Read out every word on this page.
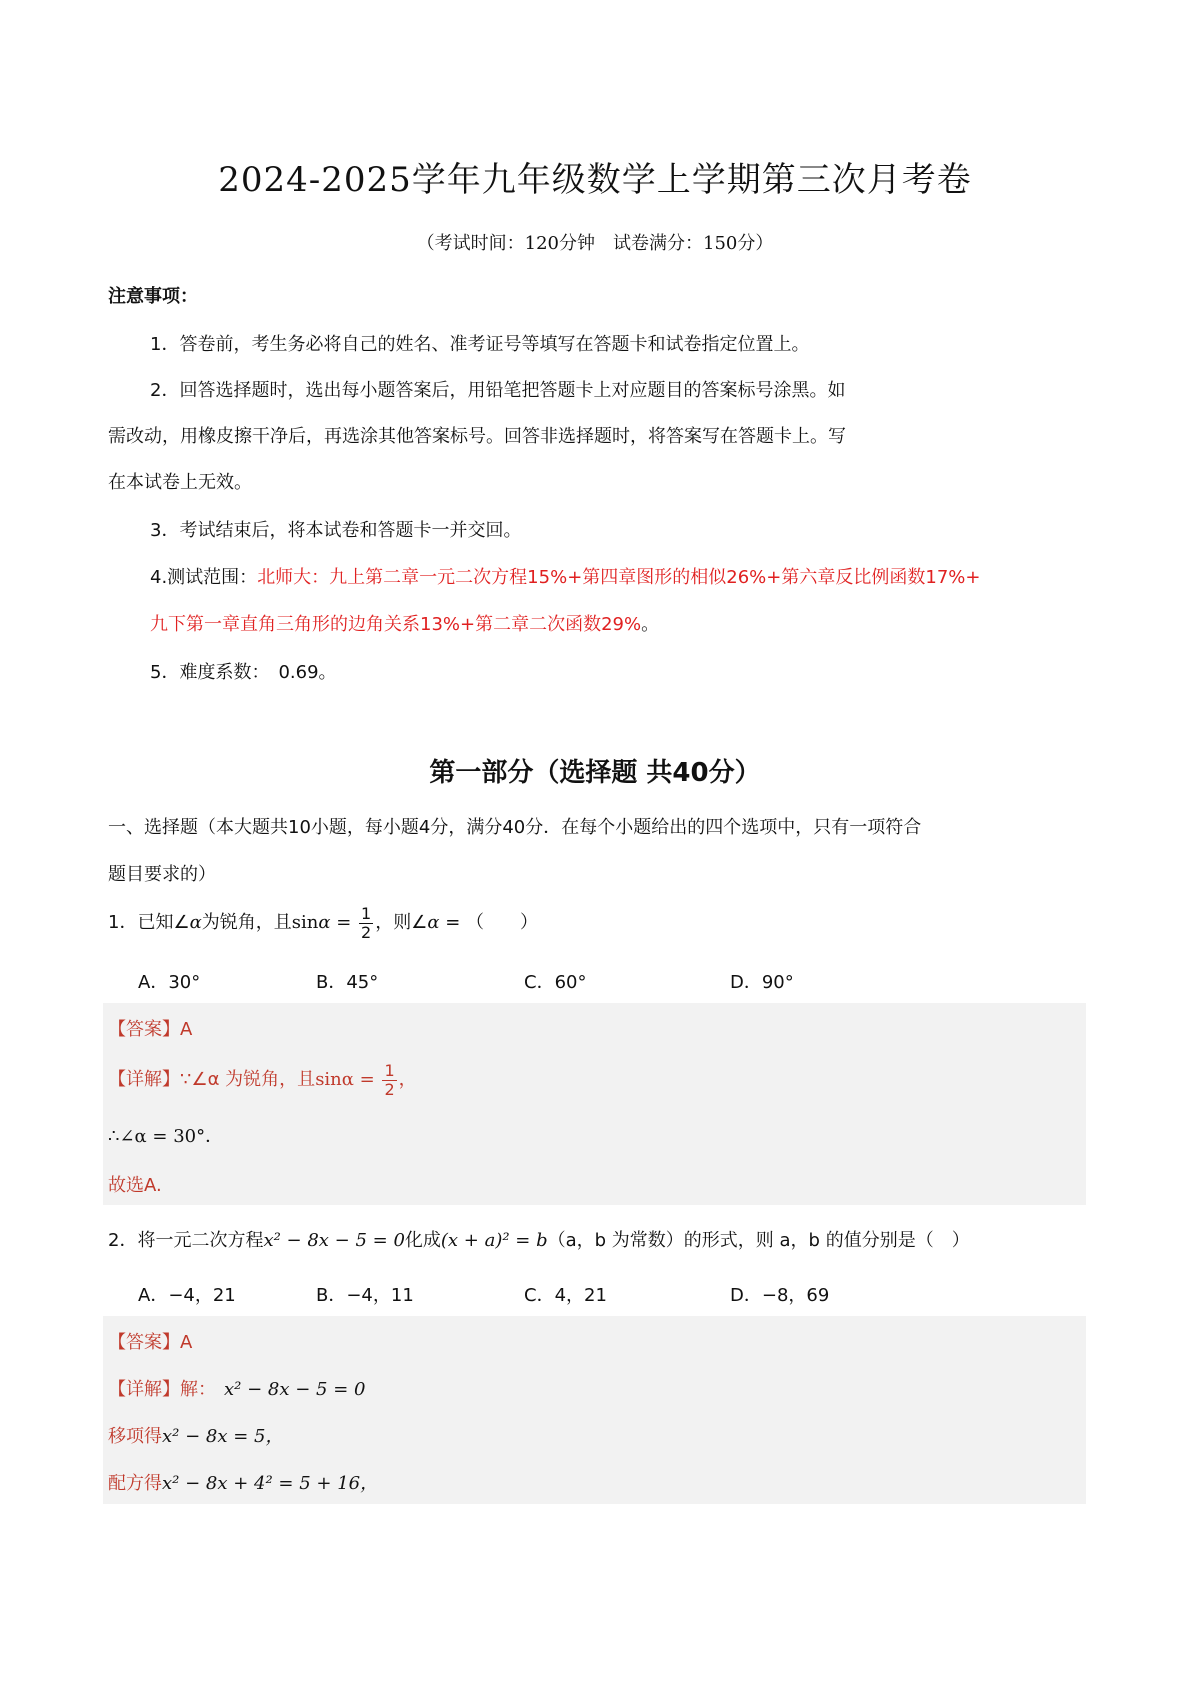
2024-2025学年九年级数学上学期第三次月考卷
（考试时间：120分钟　试卷满分：150分）
注意事项：
1．答卷前，考生务必将自己的姓名、准考证号等填写在答题卡和试卷指定位置上。
2．回答选择题时，选出每小题答案后，用铅笔把答题卡上对应题目的答案标号涂黑。如
需改动，用橡皮擦干净后，再选涂其他答案标号。回答非选择题时，将答案写在答题卡上。写
在本试卷上无效。
3．考试结束后，将本试卷和答题卡一并交回。
4.测试范围：北师大：九上第二章一元二次方程15%+第四章图形的相似26%+第六章反比例函数17%+
九下第一章直角三角形的边角关系13%+第二章二次函数29%。
5．难度系数：　0.69。
第一部分（选择题 共40分）
一、选择题（本大题共10小题，每小题4分，满分40分．在每个小题给出的四个选项中，只有一项符合
题目要求的）
1．已知∠α为锐角，且$\sin\alpha = \frac{1}{2}$ ，则∠α = （　　）
A．30°	B．45°	C．60°	D．90°
【答案】A
【详解】∵∠α 为锐角，且$\sin\alpha = \frac{1}{2}$ ，
∴∠α = 30°．
故选A.
2．将一元二次方程x² − 8x − 5 = 0化成(x + a)² = b（a，b 为常数）的形式，则 a，b 的值分别是（　）
A．−4，21	B．−4，11	C．4，21	D．−8，69
【答案】A
【详解】解： x² − 8x − 5 = 0
移项得x² − 8x = 5，
配方得x² − 8x + 4² = 5 + 16，
